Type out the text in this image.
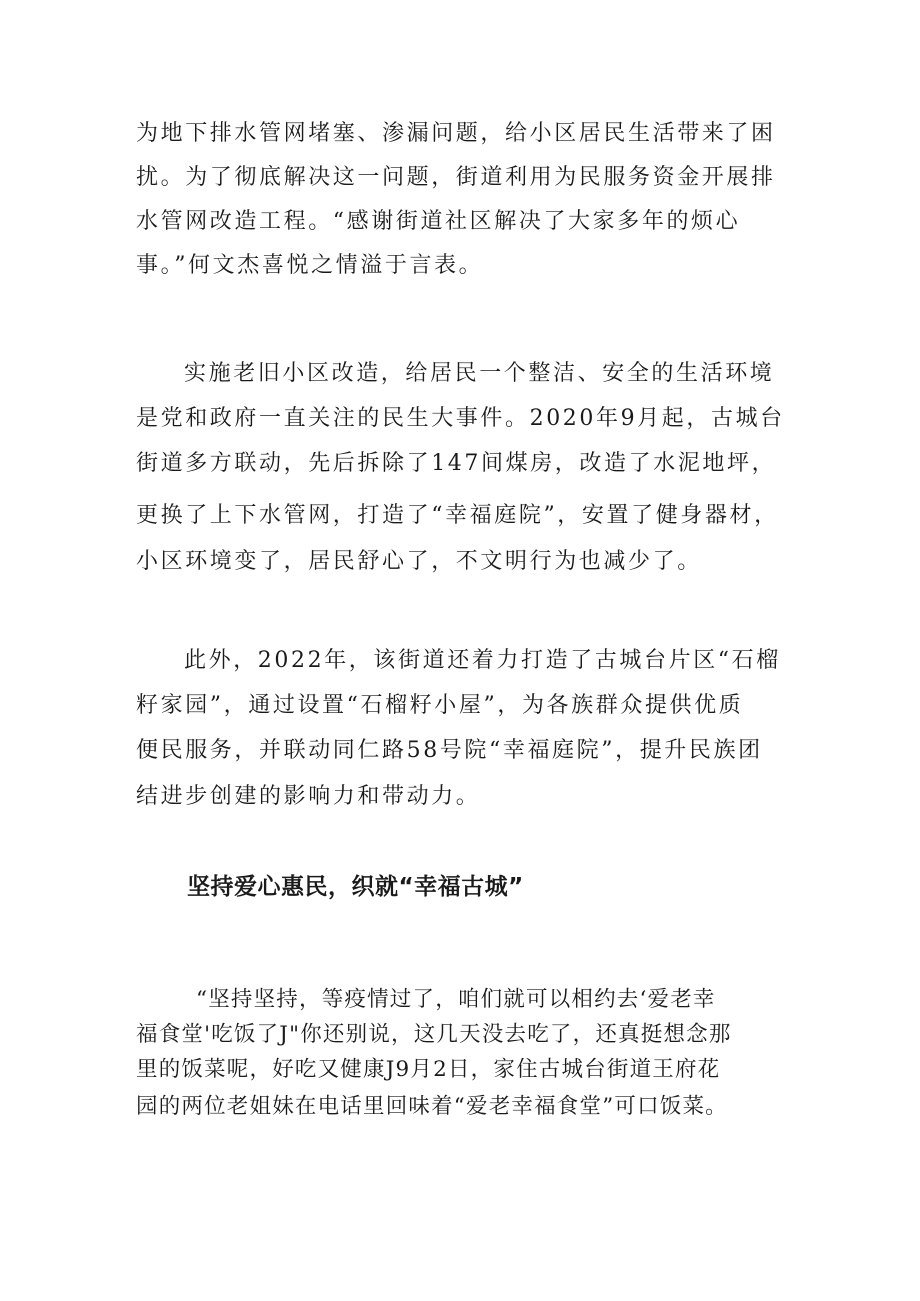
为地下排水管网堵塞、渗漏问题，给小区居民生活带来了困
扰。为了彻底解决这一问题，街道利用为民服务资金开展排
水管网改造工程。“感谢街道社区解决了大家多年的烦心
事。”何文杰喜悦之情溢于言表。
实施老旧小区改造，给居民一个整洁、安全的生活环境
是党和政府一直关注的民生大事件。2020年9月起，古城台
街道多方联动，先后拆除了147间煤房，改造了水泥地坪，
更换了上下水管网，打造了“幸福庭院”，安置了健身器材，
小区环境变了，居民舒心了，不文明行为也减少了。
此外，2022年，该街道还着力打造了古城台片区“石榴
籽家园”，通过设置“石榴籽小屋”，为各族群众提供优质
便民服务，并联动同仁路58号院“幸福庭院”，提升民族团
结进步创建的影响力和带动力。
坚持爱心惠民，织就“幸福古城”
“坚持坚持，等疫情过了，咱们就可以相约去‘爱老幸
福食堂'吃饭了J"你还别说，这几天没去吃了，还真挺想念那
里的饭菜呢，好吃又健康J9月2日，家住古城台街道王府花
园的两位老姐妹在电话里回味着“爱老幸福食堂”可口饭菜。
